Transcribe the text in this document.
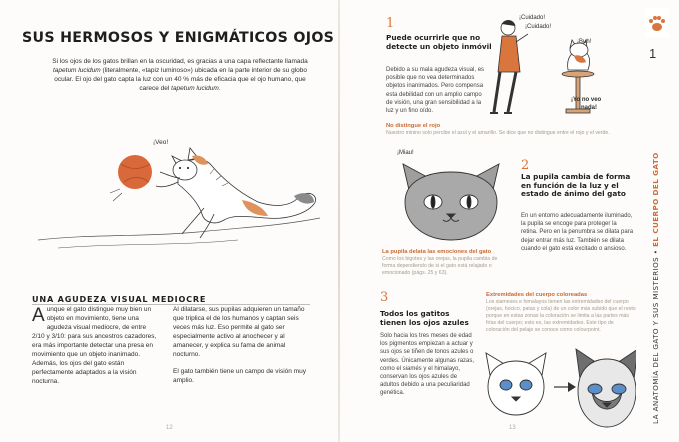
SUS HERMOSOS Y ENIGMÁTICOS OJOS
Si los ojos de los gatos brillan en la oscuridad, es gracias a una capa reflectante llamada tapetum lucidum (literalmente, «tapiz luminoso») ubicada en la parte interior de su globo ocular. El ojo del gato capta la luz con un 40 % más de eficacia que el ojo humano, que carece del tapetum lucidum.
¡Veo!
UNA AGUDEZA VISUAL MEDIOCRE
Aunque el gato distingue muy bien un objeto en movimiento, tiene una agudeza visual mediocre, de entre 2/10 y 3/10: para sus ancestros cazadores, era más importante detectar una presa en movimiento que un objeto inanimado. Además, los ojos del gato están perfectamente adaptados a la visión nocturna.

Al dilatarse, sus pupilas adquieren un tamaño que triplica el de los humanos y captan seis veces más luz. Eso permite al gato ser especialmente activo al anochecer y al amanecer, y explica su fama de animal nocturno.

El gato también tiene un campo de visión muy amplio.

12
1
LA ANATOMÍA DEL GATO Y SUS MISTERIOS • EL CUERPO DEL GATO
1
Puede ocurrirle que no detecte un objeto inmóvil
Debido a su mala agudeza visual, es posible que no vea determinados objetos inanimados. Pero compensa esta debilidad con un amplio campo de visión, una gran sensibilidad a la luz y un fino oído.
¡Cuidado!
¡Cuidado!
¡Buh!
¡Yo no veo
nada!
No distingue el rojo
Nuestro minino solo percibe el azul y el amarillo. Se dice que no distingue entre el rojo y el verde.
¡Miau!
La pupila delata las emociones del gato
Como los bigotes y las orejas, la pupila cambia de forma dependiendo de si el gato está relajado o emocionado (págs. 25 y 63).
2
La pupila cambia de forma en función de la luz y el estado de ánimo del gato
En un entorno adecuadamente iluminado, la pupila se encoge para proteger la retina. Pero en la penumbra se dilata para dejar entrar más luz. También se dilata cuando el gato está excitado o ansioso.
3
Todos los gatitos tienen los ojos azules
Solo hacia los tres meses de edad los pigmentos empiezan a actuar y sus ojos se tiñen de tonos azules o verdes. Únicamente algunas razas, como el siamés y el himalayo, conservan los ojos azules de adultos debido a una peculiaridad genética.
Extremidades del cuerpo coloreadas
Los siameses e himalayos tienen las extremidades del cuerpo (orejas, hocico, patas y cola) de un color más subido que el resto porque en estas zonas la coloración se limita a las partes más frías del cuerpo; esto es, las extremidades. Este tipo de coloración del pelaje se conoce como colourpoint.
13
